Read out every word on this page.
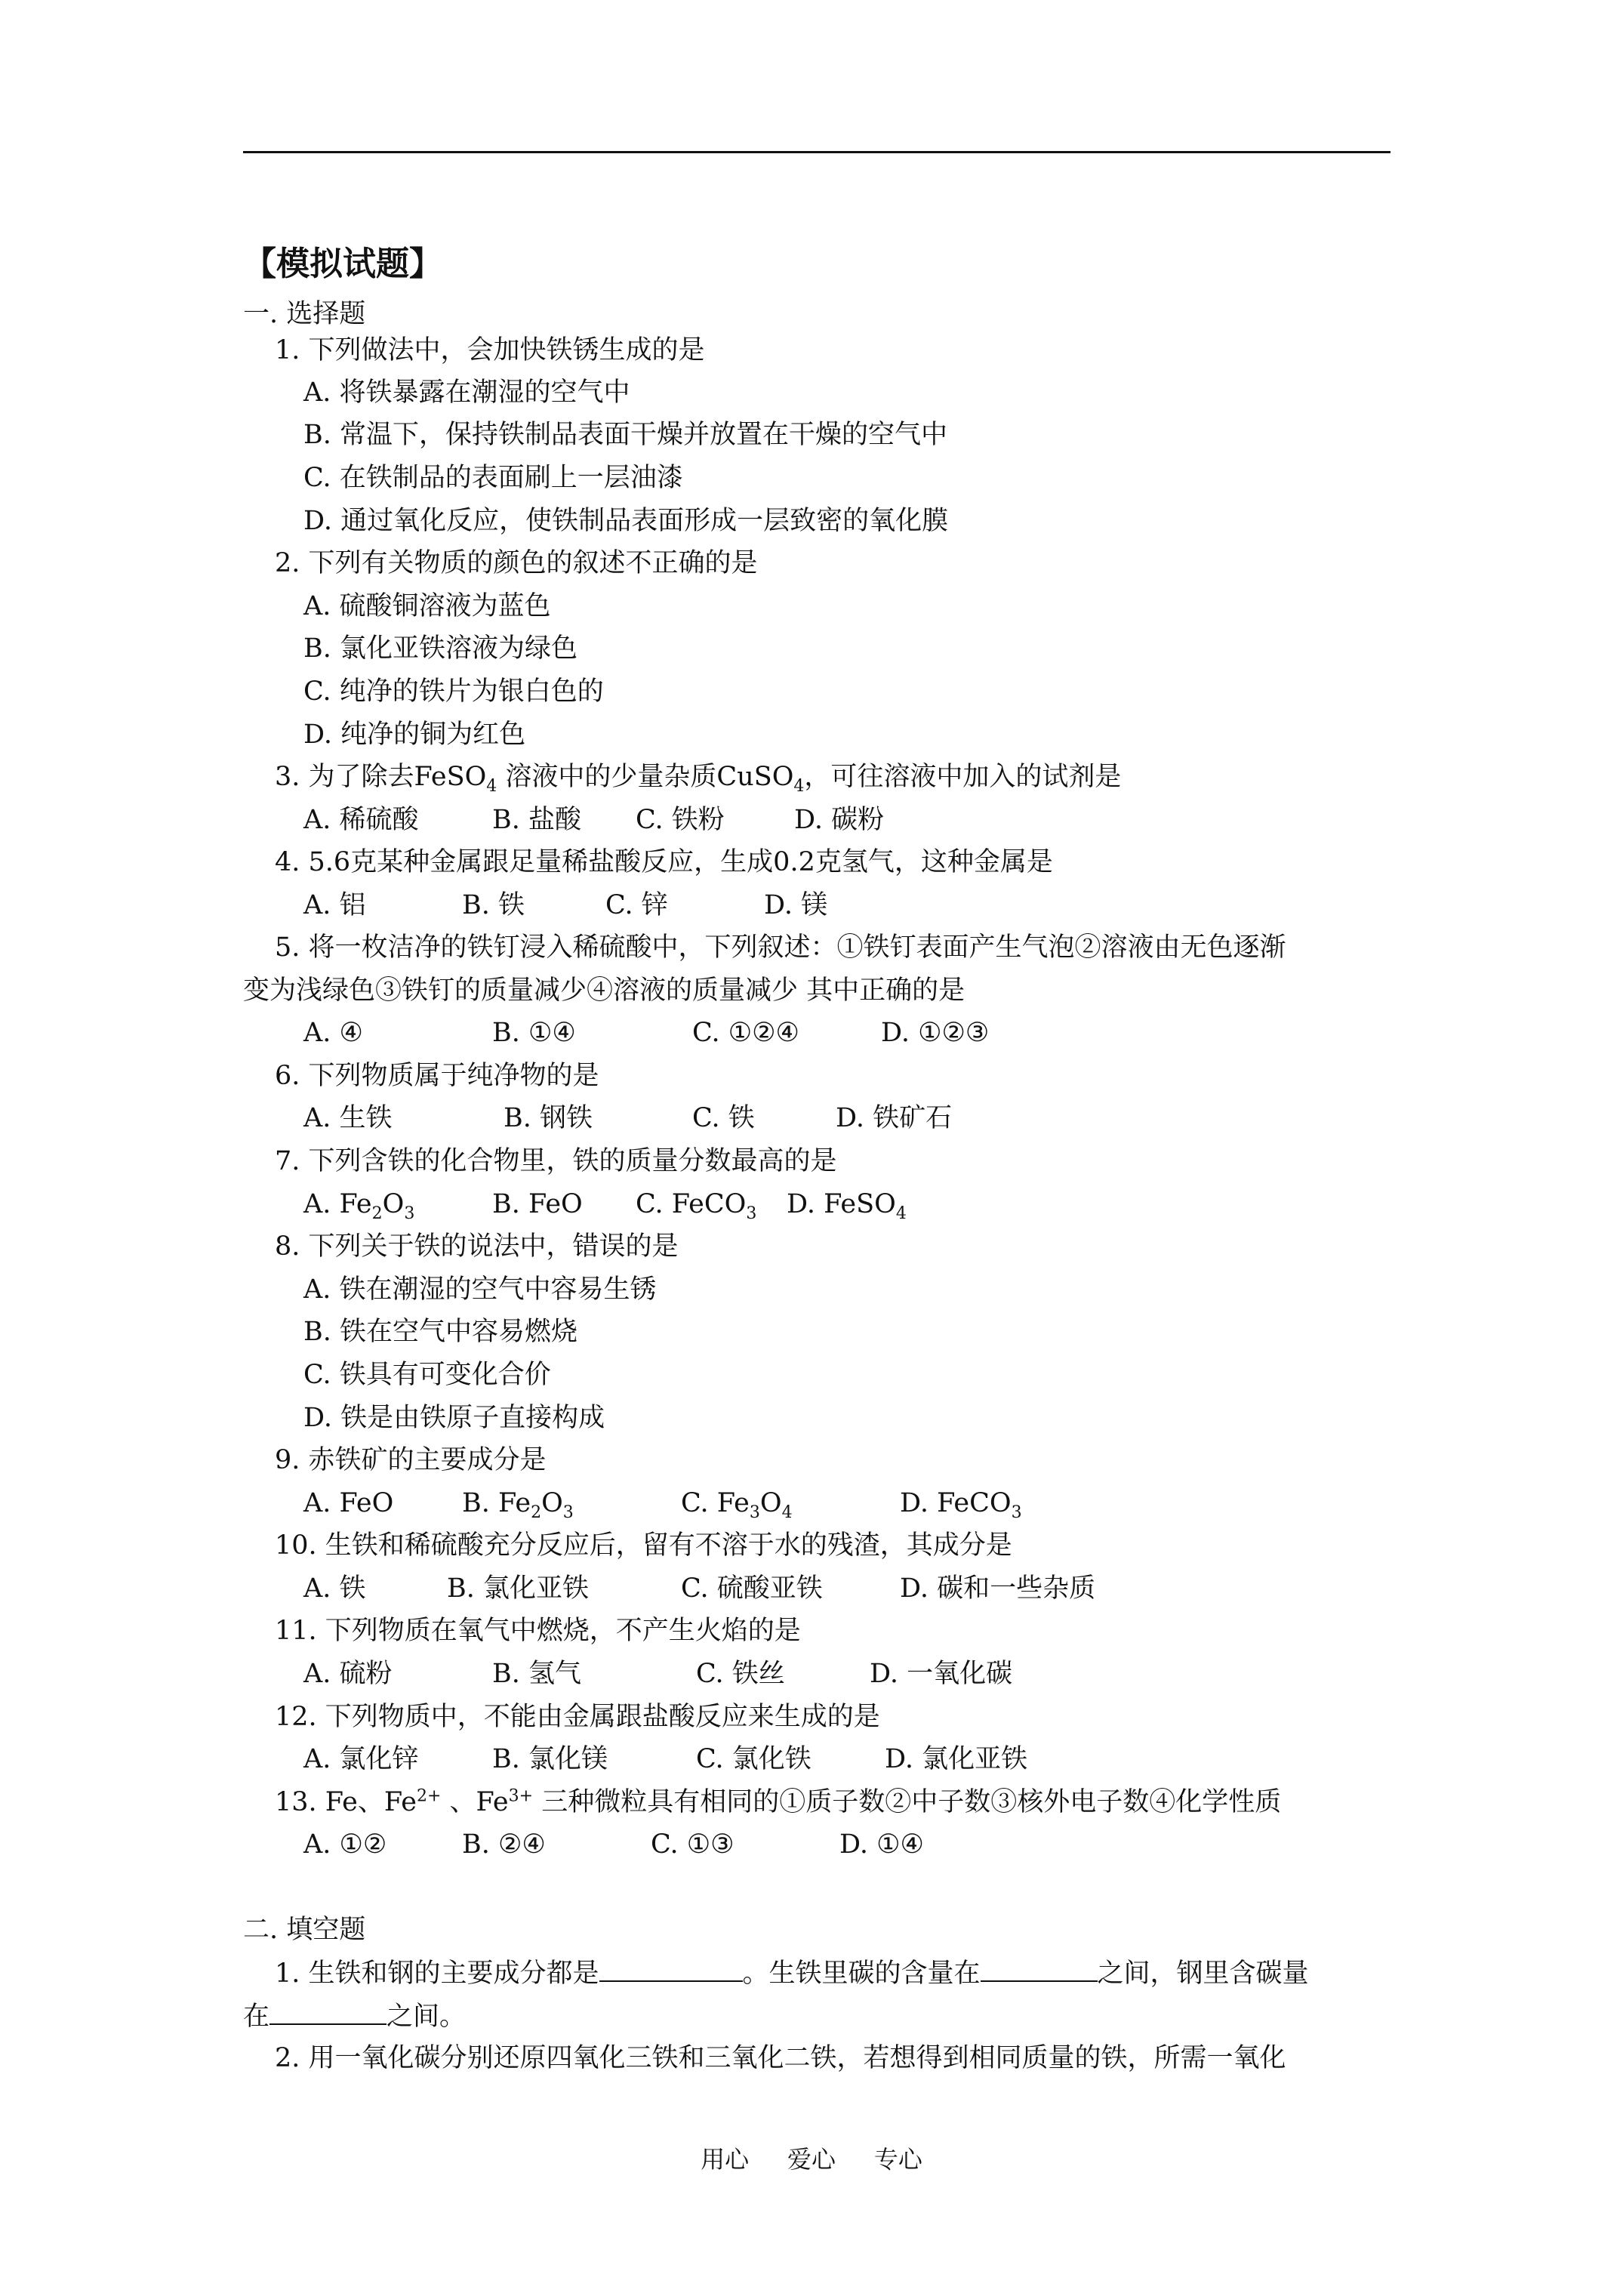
【模拟试题】
一. 选择题
1. 下列做法中，会加快铁锈生成的是
A. 将铁暴露在潮湿的空气中
B. 常温下，保持铁制品表面干燥并放置在干燥的空气中
C. 在铁制品的表面刷上一层油漆
D. 通过氧化反应，使铁制品表面形成一层致密的氧化膜
2. 下列有关物质的颜色的叙述不正确的是
A. 硫酸铜溶液为蓝色
B. 氯化亚铁溶液为绿色
C. 纯净的铁片为银白色的
D. 纯净的铜为红色
3. 为了除去FeSO$_4$ 溶液中的少量杂质CuSO$_4$，可往溶液中加入的试剂是
A. 稀硫酸	B. 盐酸 C. 铁粉	D. 碳粉
4. 5.6克某种金属跟足量稀盐酸反应，生成0.2克氢气，这种金属是
A. 铝	B. 铁	C. 锌	D. 镁
5. 将一枚洁净的铁钉浸入稀硫酸中，下列叙述：①铁钉表面产生气泡②溶液由无色逐渐
变为浅绿色③铁钉的质量减少④溶液的质量减少 其中正确的是
A. ④	B. ①④	C. ①②④	D. ①②③
6. 下列物质属于纯净物的是
A. 生铁	B. 钢铁	C. 铁	D. 铁矿石
7. 下列含铁的化合物里，铁的质量分数最高的是
A. $Fe_2O_3$	B. FeO C. FeCO$_3$ D. FeSO$_4$
8. 下列关于铁的说法中，错误的是
A. 铁在潮湿的空气中容易生锈
B. 铁在空气中容易燃烧
C. 铁具有可变化合价
D. 铁是由铁原子直接构成
9. 赤铁矿的主要成分是
A. FeO	B. $Fe_2O_3$	C. $Fe_3O_4$	D. FeCO$_3$
10. 生铁和稀硫酸充分反应后，留有不溶于水的残渣，其成分是
A. 铁	B. 氯化亚铁	C. 硫酸亚铁	D. 碳和一些杂质
11. 下列物质在氧气中燃烧，不产生火焰的是
A. 硫粉	B. 氢气	C. 铁丝	D. 一氧化碳
12. 下列物质中，不能由金属跟盐酸反应来生成的是
A. 氯化锌	B. 氯化镁	C. 氯化铁	D. 氯化亚铁
13. Fe、$Fe^{2+}$ 、$Fe^{3+}$ 三种微粒具有相同的①质子数②中子数③核外电子数④化学性质
A. ①②	B. ②④	C. ①③	D. ①④
二. 填空题
1. 生铁和钢的主要成分都是	。生铁里碳的含量在	之间，钢里含碳量
在	之间。
2. 用一氧化碳分别还原四氧化三铁和三氧化二铁，若想得到相同质量的铁，所需一氧化
用心     爱心     专心
